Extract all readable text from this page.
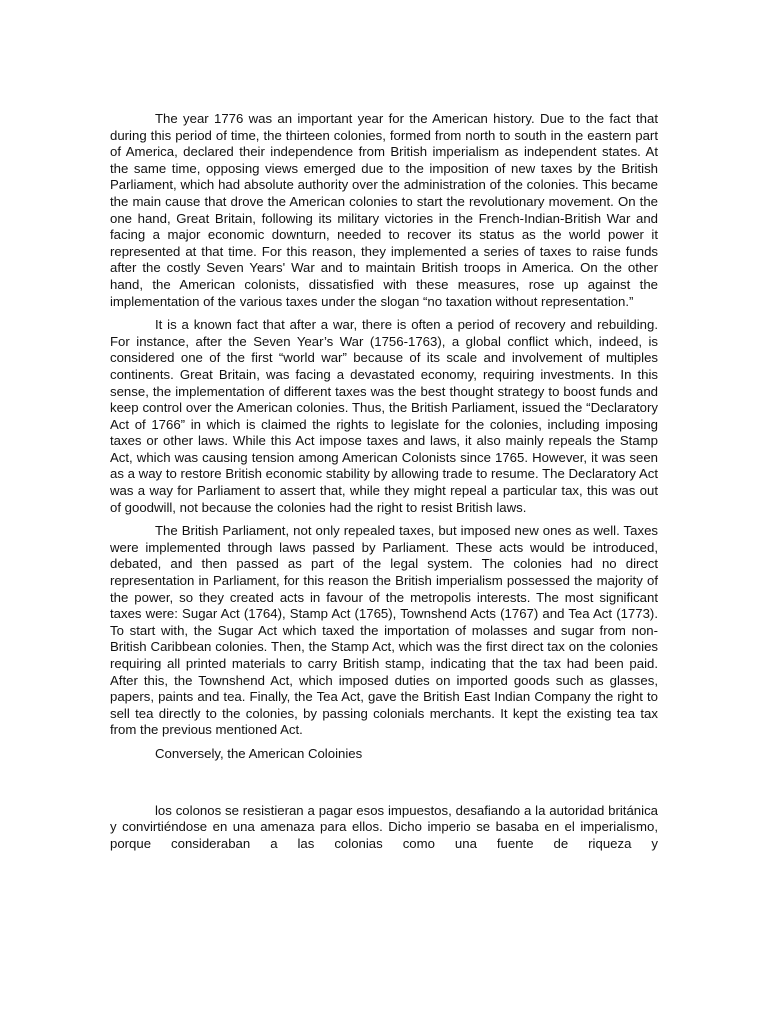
The year 1776 was an important year for the American history. Due to the fact that during this period of time, the thirteen colonies, formed from north to south in the eastern part of America, declared their independence from British imperialism as independent states. At the same time, opposing views emerged due to the imposition of new taxes by the British Parliament, which had absolute authority over the administration of the colonies. This became the main cause that drove the American colonies to start the revolutionary movement. On the one hand, Great Britain, following its military victories in the French-Indian-British War and facing a major economic downturn, needed to recover its status as the world power it represented at that time. For this reason, they implemented a series of taxes to raise funds after the costly Seven Years' War and to maintain British troops in America. On the other hand, the American colonists, dissatisfied with these measures, rose up against the implementation of the various taxes under the slogan “no taxation without representation.”

It is a known fact that after a war, there is often a period of recovery and rebuilding. For instance, after the Seven Year’s War (1756-1763), a global conflict which, indeed, is considered one of the first “world war” because of its scale and involvement of multiples continents. Great Britain, was facing a devastated economy, requiring investments. In this sense, the implementation of different taxes was the best thought strategy to boost funds and keep control over the American colonies. Thus, the British Parliament, issued the “Declaratory Act of 1766” in which is claimed the rights to legislate for the colonies, including imposing taxes or other laws. While this Act impose taxes and laws, it also mainly repeals the Stamp Act, which was causing tension among American Colonists since 1765. However, it was seen as a way to restore British economic stability by allowing trade to resume. The Declaratory Act was a way for Parliament to assert that, while they might repeal a particular tax, this was out of goodwill, not because the colonies had the right to resist British laws.

The British Parliament, not only repealed taxes, but imposed new ones as well. Taxes were implemented through laws passed by Parliament. These acts would be introduced, debated, and then passed as part of the legal system. The colonies had no direct representation in Parliament, for this reason the British imperialism possessed the majority of the power, so they created acts in favour of the metropolis interests. The most significant taxes were: Sugar Act (1764), Stamp Act (1765), Townshend Acts (1767) and Tea Act (1773). To start with, the Sugar Act which taxed the importation of molasses and sugar from non-British Caribbean colonies. Then, the Stamp Act, which was the first direct tax on the colonies requiring all printed materials to carry British stamp, indicating that the tax had been paid. After this, the Townshend Act, which imposed duties on imported goods such as glasses, papers, paints and tea. Finally, the Tea Act, gave the British East Indian Company the right to sell tea directly to the colonies, by passing colonials merchants. It kept the existing tea tax from the previous mentioned Act.

Conversely, the American Coloinies

los colonos se resistieran a pagar esos impuestos, desafiando a la autoridad británica y convirtiéndose en una amenaza para ellos. Dicho imperio se basaba en el imperialismo, porque consideraban a las colonias como una fuente de riqueza y
